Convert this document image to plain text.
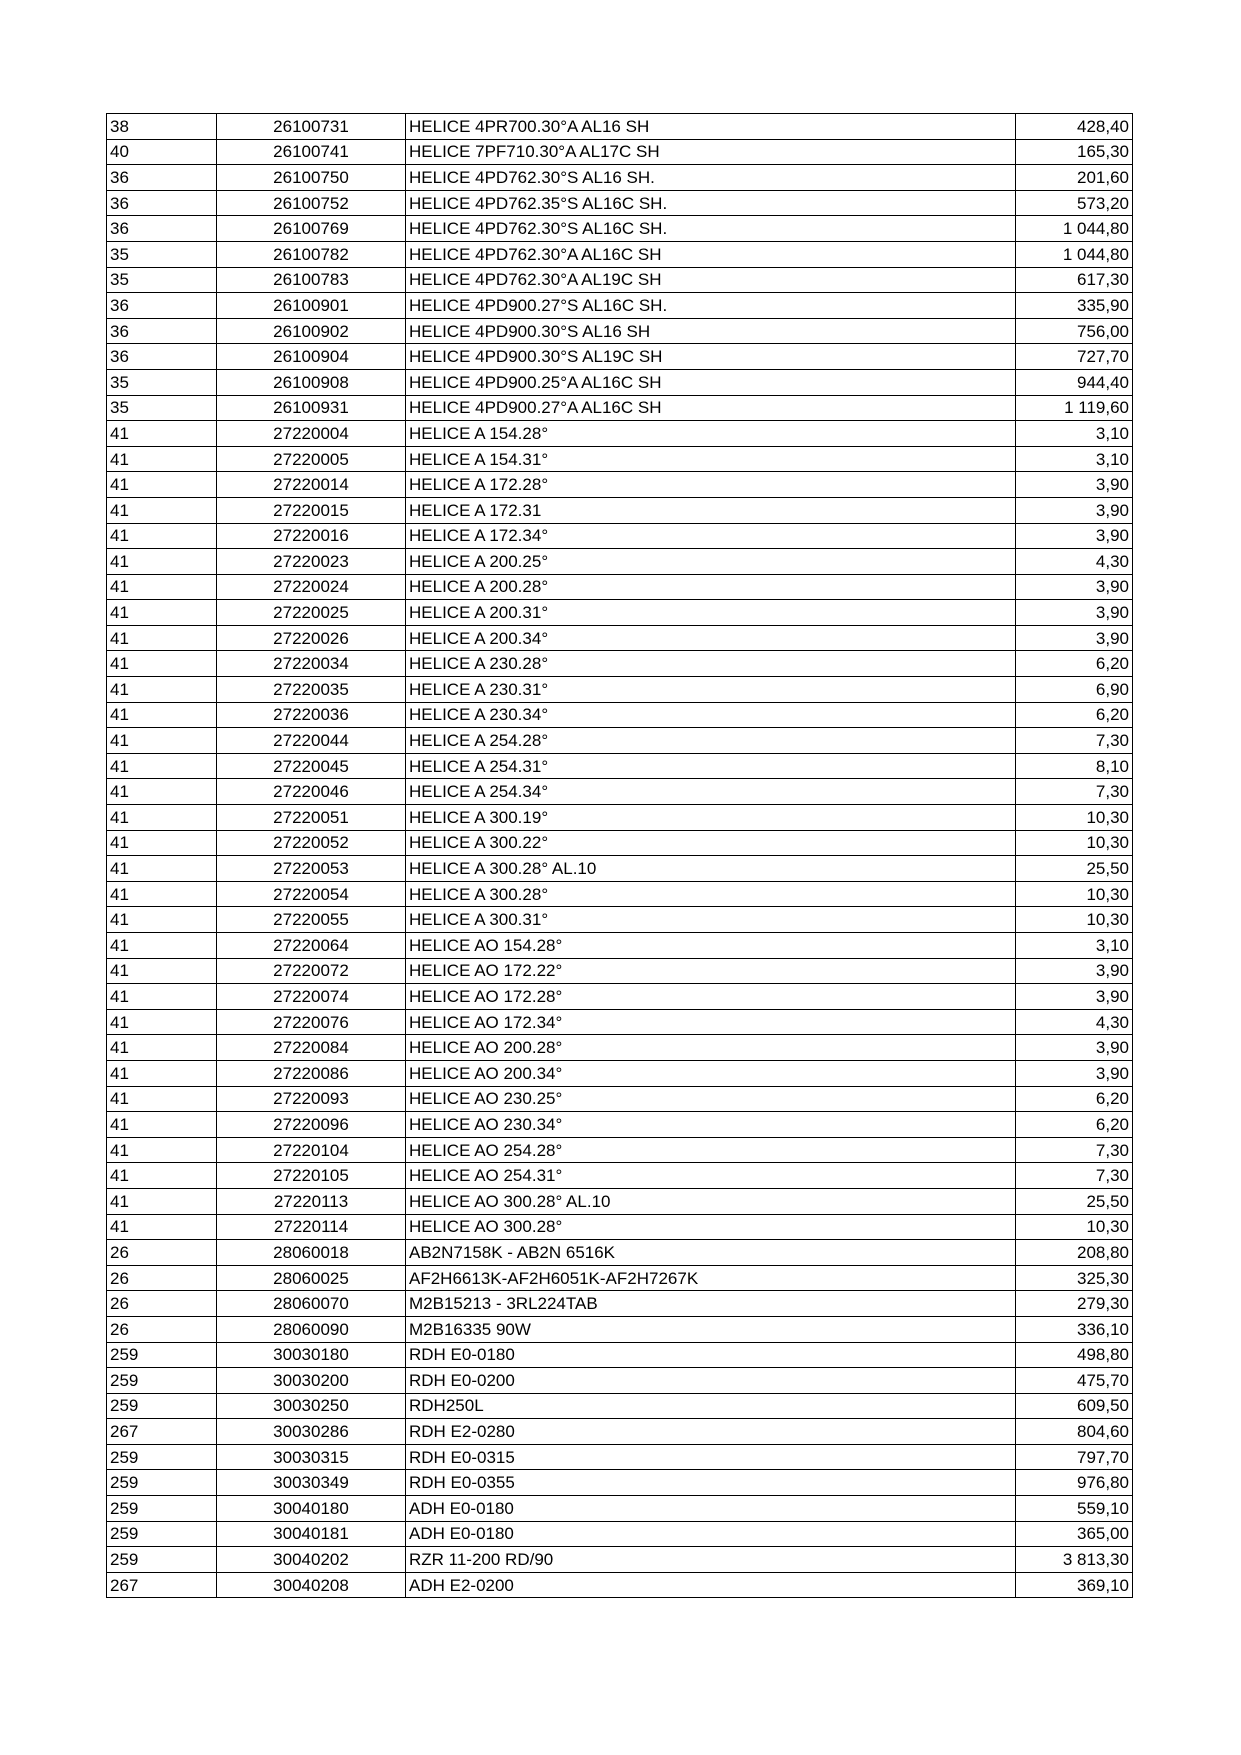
38	26100731	HELICE 4PR700.30°A AL16 SH	428,40
40	26100741	HELICE 7PF710.30°A AL17C SH	165,30
36	26100750	HELICE 4PD762.30°S AL16 SH.	201,60
36	26100752	HELICE 4PD762.35°S AL16C SH.	573,20
36	26100769	HELICE 4PD762.30°S AL16C SH.	1 044,80
35	26100782	HELICE 4PD762.30°A AL16C SH	1 044,80
35	26100783	HELICE 4PD762.30°A AL19C SH	617,30
36	26100901	HELICE 4PD900.27°S AL16C SH.	335,90
36	26100902	HELICE 4PD900.30°S AL16 SH	756,00
36	26100904	HELICE 4PD900.30°S AL19C SH	727,70
35	26100908	HELICE 4PD900.25°A AL16C SH	944,40
35	26100931	HELICE 4PD900.27°A AL16C SH	1 119,60
41	27220004	HELICE A 154.28°	3,10
41	27220005	HELICE A 154.31°	3,10
41	27220014	HELICE A 172.28°	3,90
41	27220015	HELICE A 172.31	3,90
41	27220016	HELICE A 172.34°	3,90
41	27220023	HELICE A 200.25°	4,30
41	27220024	HELICE A 200.28°	3,90
41	27220025	HELICE A 200.31°	3,90
41	27220026	HELICE A 200.34°	3,90
41	27220034	HELICE A 230.28°	6,20
41	27220035	HELICE A 230.31°	6,90
41	27220036	HELICE A 230.34°	6,20
41	27220044	HELICE A 254.28°	7,30
41	27220045	HELICE A 254.31°	8,10
41	27220046	HELICE A 254.34°	7,30
41	27220051	HELICE A 300.19°	10,30
41	27220052	HELICE A 300.22°	10,30
41	27220053	HELICE A 300.28° AL.10	25,50
41	27220054	HELICE A 300.28°	10,30
41	27220055	HELICE A 300.31°	10,30
41	27220064	HELICE AO 154.28°	3,10
41	27220072	HELICE AO 172.22°	3,90
41	27220074	HELICE AO 172.28°	3,90
41	27220076	HELICE AO 172.34°	4,30
41	27220084	HELICE AO 200.28°	3,90
41	27220086	HELICE AO 200.34°	3,90
41	27220093	HELICE AO 230.25°	6,20
41	27220096	HELICE AO 230.34°	6,20
41	27220104	HELICE AO 254.28°	7,30
41	27220105	HELICE AO 254.31°	7,30
41	27220113	HELICE AO 300.28° AL.10	25,50
41	27220114	HELICE AO 300.28°	10,30
26	28060018	AB2N7158K - AB2N 6516K	208,80
26	28060025	AF2H6613K-AF2H6051K-AF2H7267K	325,30
26	28060070	M2B15213 - 3RL224TAB	279,30
26	28060090	M2B16335 90W	336,10
259	30030180	RDH E0-0180	498,80
259	30030200	RDH E0-0200	475,70
259	30030250	RDH250L	609,50
267	30030286	RDH E2-0280	804,60
259	30030315	RDH E0-0315	797,70
259	30030349	RDH E0-0355	976,80
259	30040180	ADH E0-0180	559,10
259	30040181	ADH E0-0180	365,00
259	30040202	RZR 11-200 RD/90	3 813,30
267	30040208	ADH E2-0200	369,10
